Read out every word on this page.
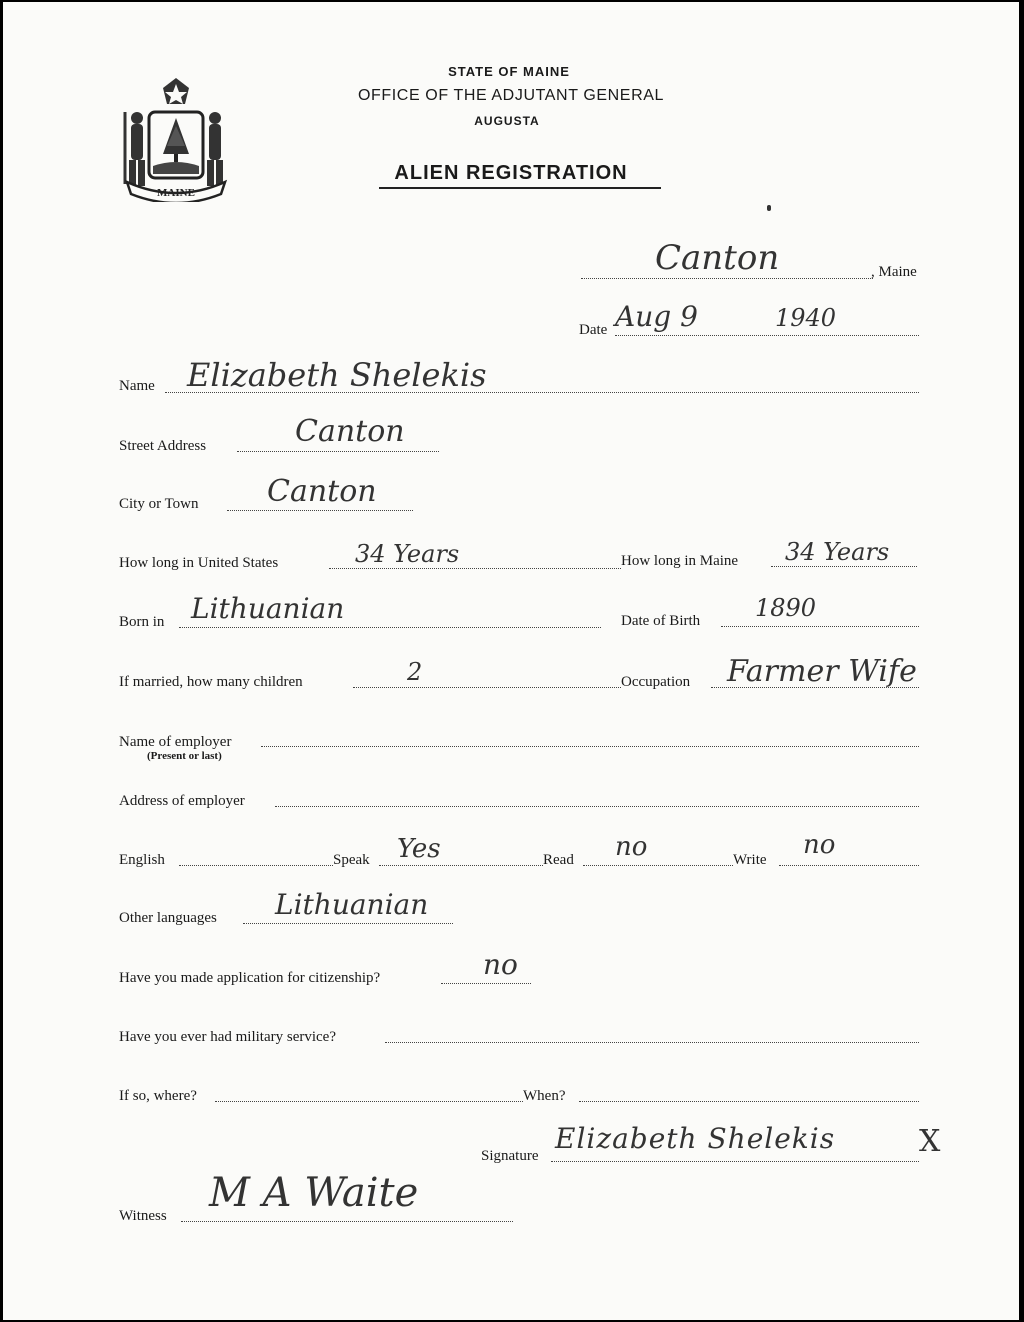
MAINE
STATE OF MAINE
OFFICE OF THE ADJUTANT GENERAL
AUGUSTA
ALIEN REGISTRATION
Canton	, Maine
Date Aug 9	1940
Name Elizabeth Shelekis
Street Address	Canton
City or Town Canton
How long in United States	34 Years	How long in Maine 34 Years
Born in Lithuanian	Date of Birth 1890
If married, how many children	2	Occupation Farmer Wife
Name of employer
(Present or last)
Address of employer
English	Speak Yes	Read no	Write no
Other languages Lithuanian
Have you made application for citizenship?	no
Have you ever had military service?
If so, where?	When?
Signature
Elizabeth Shelekis	X
Witness M A Waite
